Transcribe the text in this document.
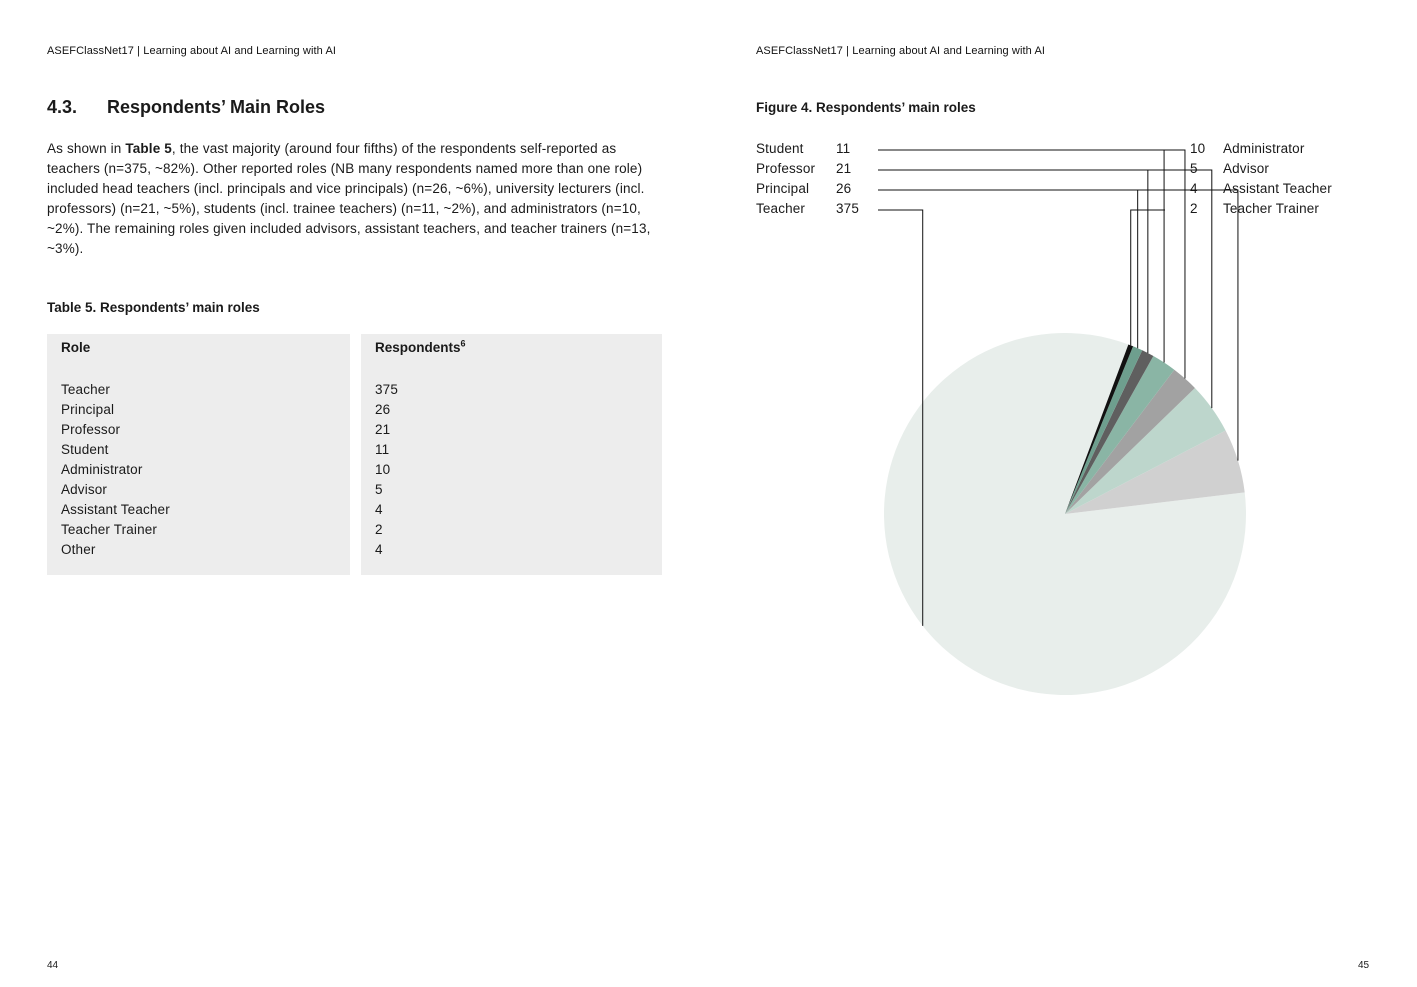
ASEFClassNet17 | Learning about AI and Learning with AI
4.3. Respondents’ Main Roles
As shown in Table 5, the vast majority (around four fifths) of the respondents self-reported as teachers (n=375, ~82%). Other reported roles (NB many respondents named more than one role) included head teachers (incl. principals and vice principals) (n=26, ~6%), university lecturers (incl. professors) (n=21, ~5%), students (incl. trainee teachers) (n=11, ~2%), and administrators (n=10, ~2%). The remaining roles given included advisors, assistant teachers, and teacher trainers (n=13, ~3%).
Table 5. Respondents’ main roles
Role
Teacher
Principal
Professor
Student
Administrator
Advisor
Assistant Teacher
Teacher Trainer
Other
Respondents$^6$
375
26
21
11
10
5
4
2
4
44
ASEFClassNet17 | Learning about AI and Learning with AI
Figure 4. Respondents’ main roles
Student 11
Professor 21
Principal 26
Teacher 375
10 Administrator
5 Advisor
4 Assistant Teacher
2 Teacher Trainer
45
